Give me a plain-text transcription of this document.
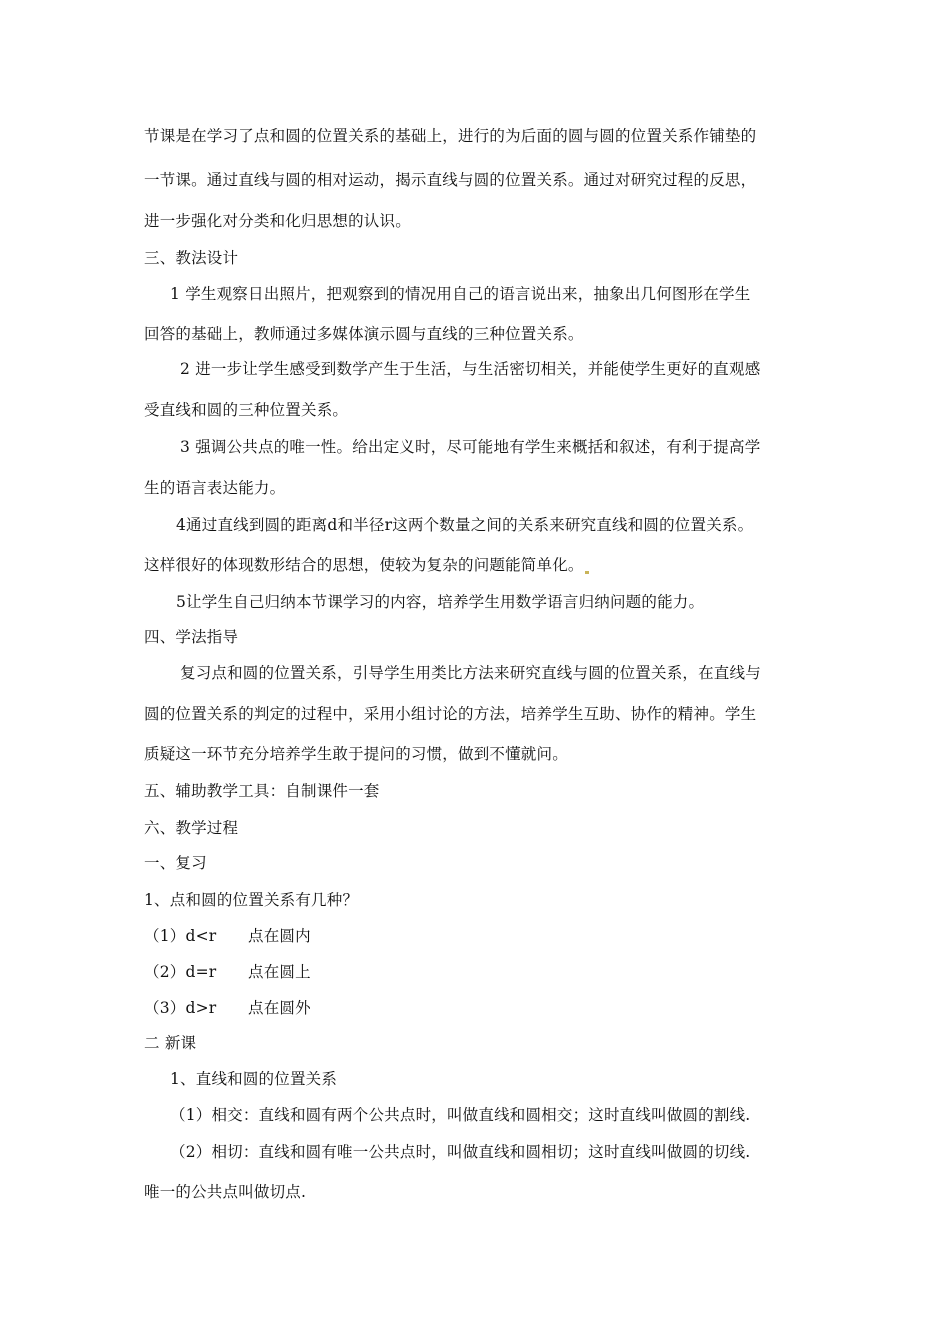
节课是在学习了点和圆的位置关系的基础上，进行的为后面的圆与圆的位置关系作铺垫的
一节课。通过直线与圆的相对运动，揭示直线与圆的位置关系。通过对研究过程的反思，
进一步强化对分类和化归思想的认识。
三、教法设计
1 学生观察日出照片，把观察到的情况用自己的语言说出来，抽象出几何图形在学生
回答的基础上，教师通过多媒体演示圆与直线的三种位置关系。
2 进一步让学生感受到数学产生于生活，与生活密切相关，并能使学生更好的直观感
受直线和圆的三种位置关系。
3 强调公共点的唯一性。给出定义时，尽可能地有学生来概括和叙述，有利于提高学
生的语言表达能力。
4通过直线到圆的距离d和半径r这两个数量之间的关系来研究直线和圆的位置关系。
这样很好的体现数形结合的思想，使较为复杂的问题能简单化。
5让学生自己归纳本节课学习的内容，培养学生用数学语言归纳问题的能力。
四、学法指导
复习点和圆的位置关系，引导学生用类比方法来研究直线与圆的位置关系，在直线与
圆的位置关系的判定的过程中，采用小组讨论的方法，培养学生互助、协作的精神。学生
质疑这一环节充分培养学生敢于提问的习惯，做到不懂就问。
五、辅助教学工具：自制课件一套
六、教学过程
一、复习
1、点和圆的位置关系有几种？
（1）d<r 点在圆内
（2）d=r 点在圆上
（3）d>r 点在圆外
二 新课
1、直线和圆的位置关系
（1）相交：直线和圆有两个公共点时，叫做直线和圆相交；这时直线叫做圆的割线.
（2）相切：直线和圆有唯一公共点时，叫做直线和圆相切；这时直线叫做圆的切线.
唯一的公共点叫做切点.
